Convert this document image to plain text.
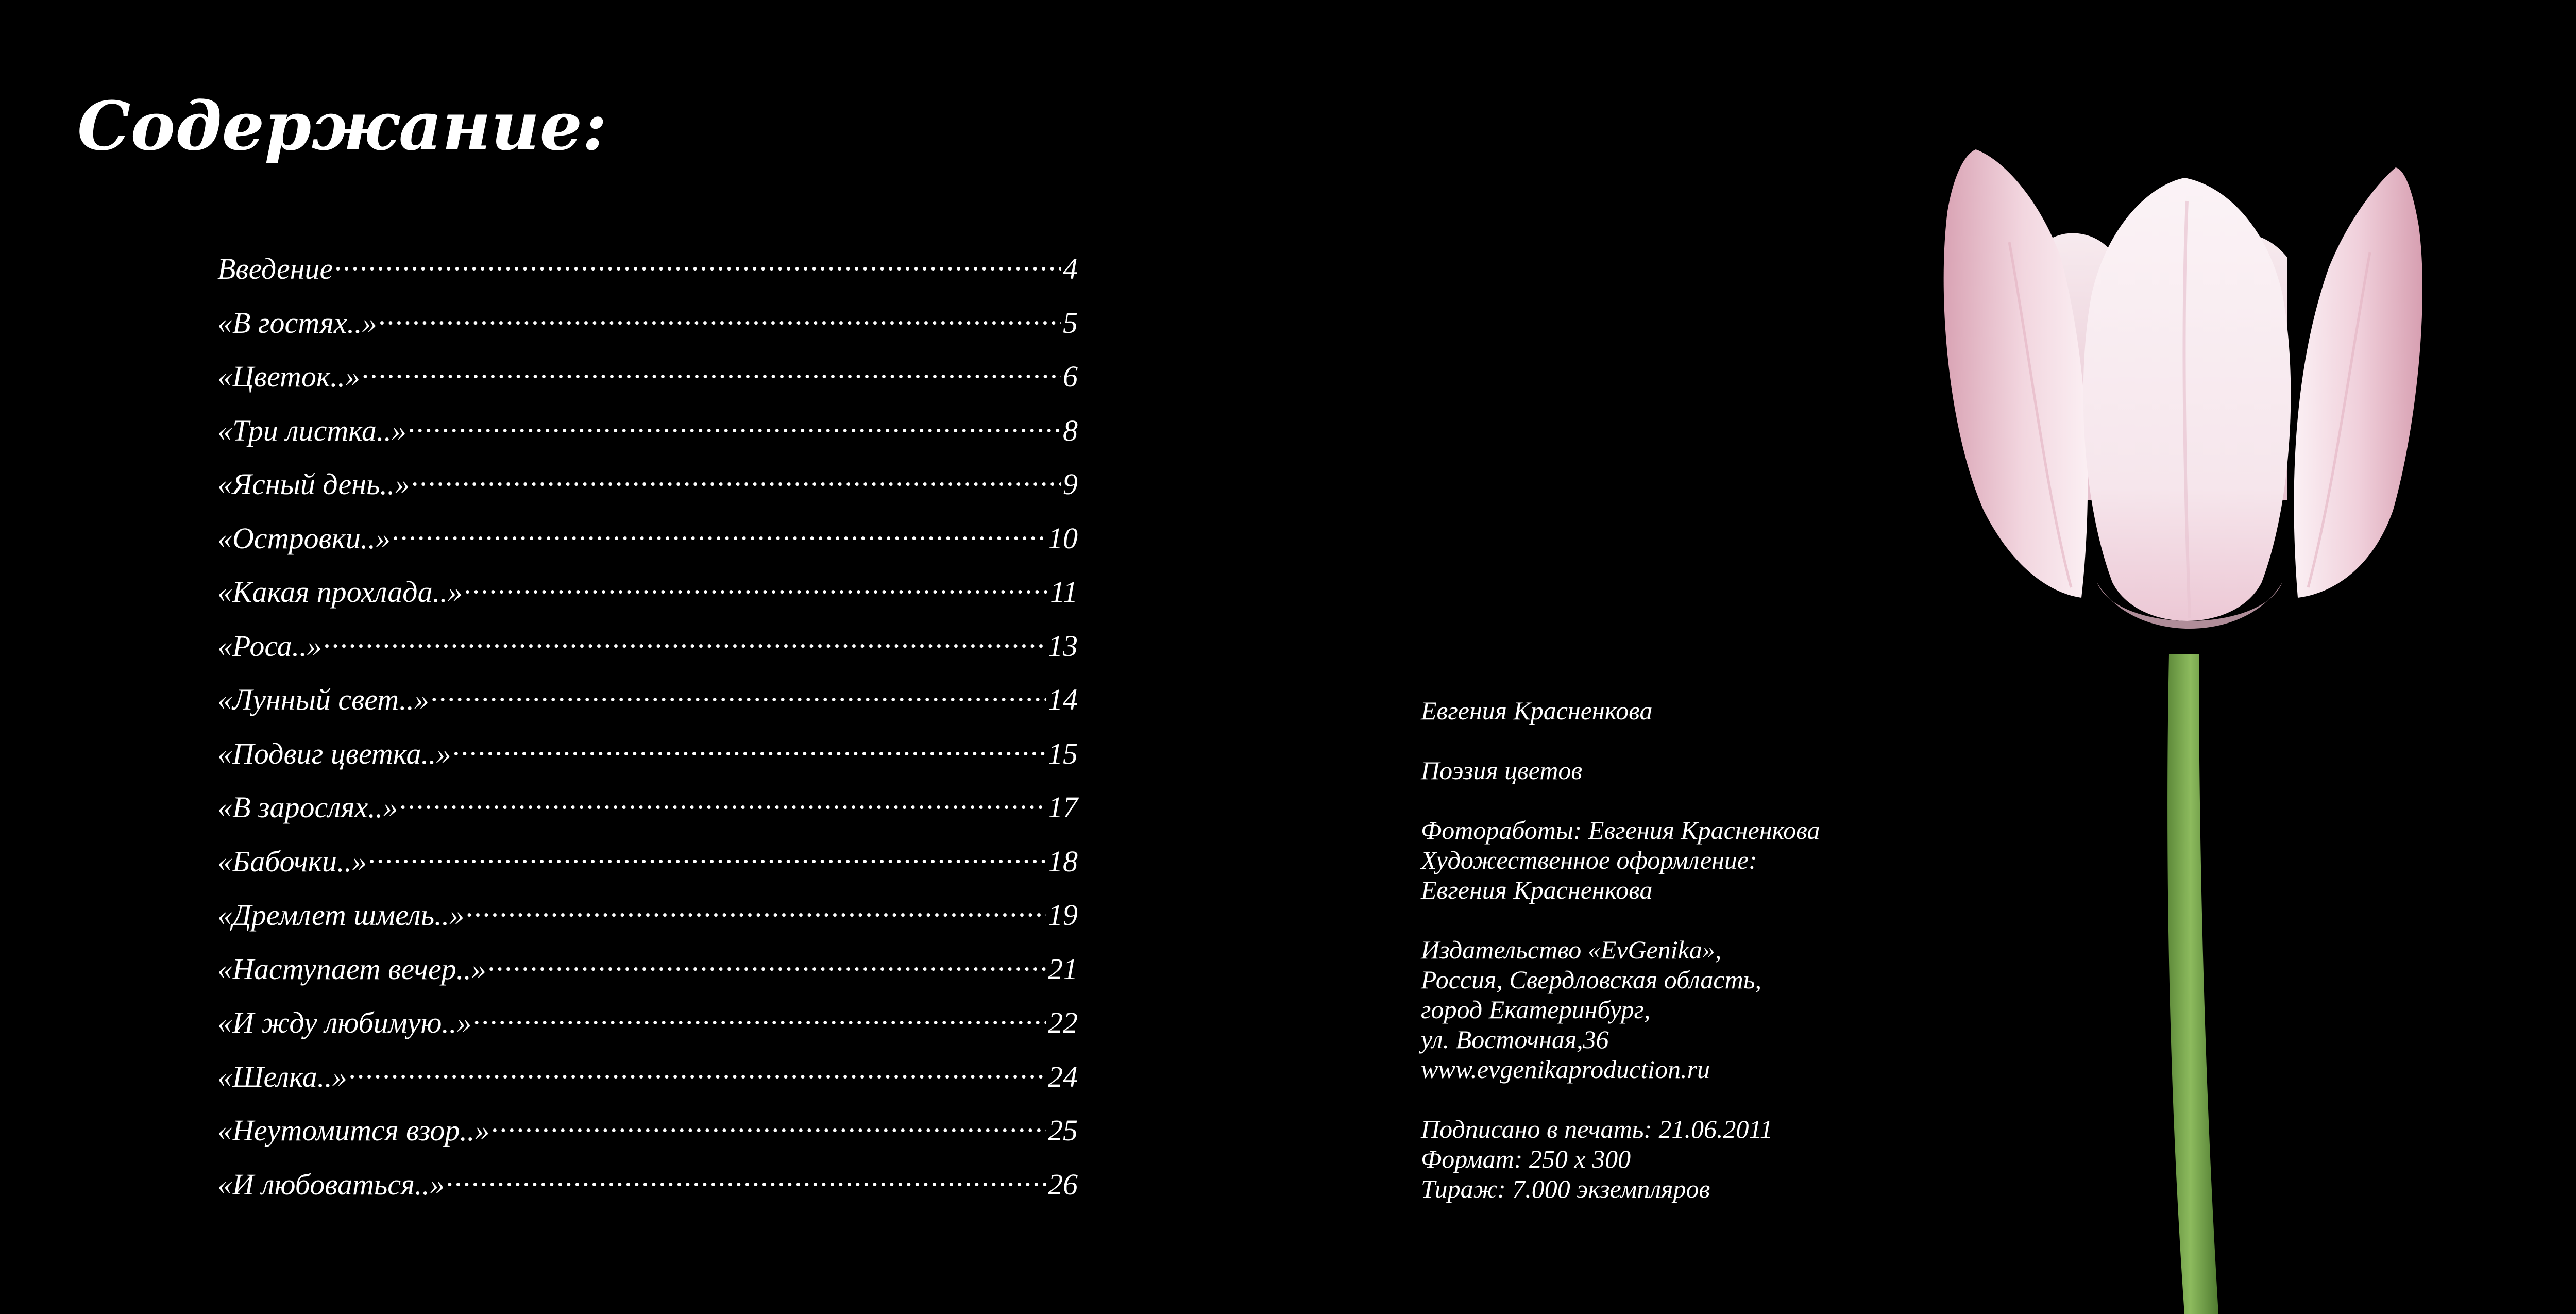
Содержание:
Введение .....	4
«В гостях..» .....	5
«Цветок..» .....	6
«Три листка..» .....	8
«Ясный день..» .....	9
«Островки..» .....	10
«Какая прохлада..» .....	11
«Роса..» .....	13
«Лунный свет..» .....	14
«Подвиг цветка..» .....	15
«В зарослях..» .....	17
«Бабочки..» .....	18
«Дремлет шмель..» .....	19
«Наступает вечер..» .....	21
«И жду любимую..» .....	22
«Шелка..» .....	24
«Неутомится взор..» .....	25
«И любоваться..» .....	26
Евгения Красненкова
Поэзия цветов
Фотоработы: Евгения Красненкова
Художественное оформление:
Евгения Красненкова
Издательство «EvGenika»,
Россия, Свердловская область,
город Екатеринбург,
ул. Восточная,36
www.evgenikaproduction.ru
Подписано в печать: 21.06.2011
Формат: 250 x 300
Тираж: 7.000 экземпляров
